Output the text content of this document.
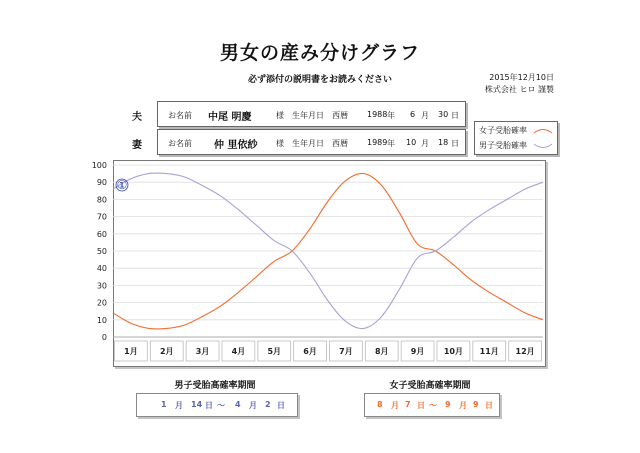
男女の産み分けグラフ
必ず添付の説明書をお読みください	2015年12月10日
株式会社 ヒロ 謹製
夫	お名前 中尾 明慶	様 生年月日 西暦 1988 年 6 月 30 日
妻	お名前 仲 里依紗 様 生年月日 西暦 1989 年 10 月 18 日
女子受胎確率
男子受胎確率
0
10
20
30
40
50
60
70
80
90
100
1月	2月	3月	4月	5月	6月	7月	8月	9月 10月 11月 12月
①
男子受胎高確率期間
1 月 14 日 ～ 4 月 2 日
女子受胎高確率期間
8 月 7 日 ～ 9 月 9 日
